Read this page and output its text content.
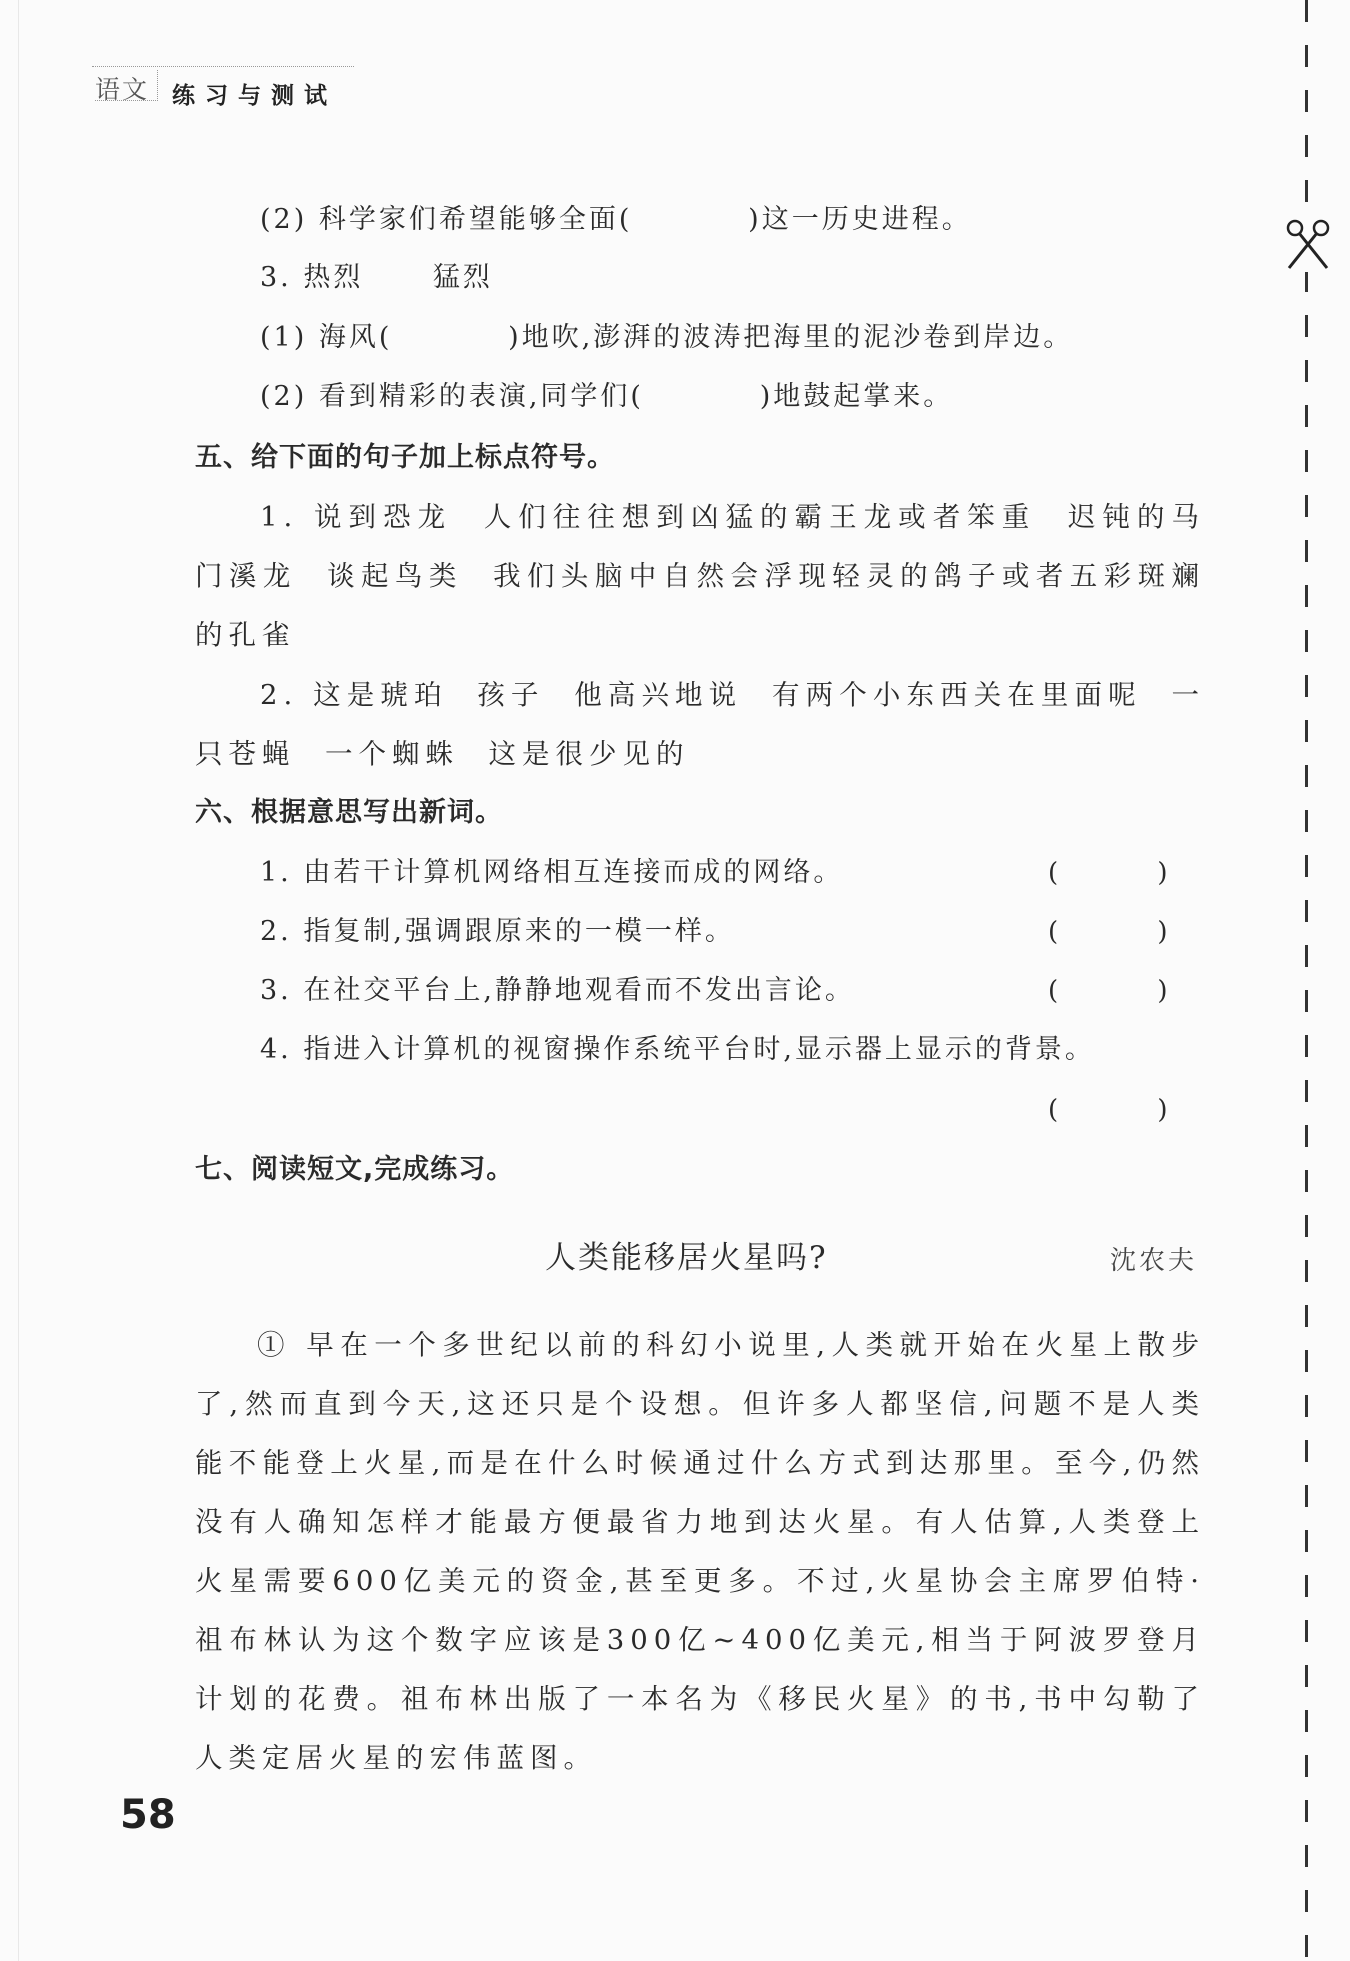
语文 练习与测试
(2) 科学家们希望能够全面(          )这一历史进程。
3. 热烈      猛烈
(1) 海风(          )地吹,澎湃的波涛把海里的泥沙卷到岸边。
(2) 看到精彩的表演,同学们(          )地鼓起掌来。
五、给下面的句子加上标点符号。
1. 说到恐龙  人们往往想到凶猛的霸王龙或者笨重  迟钝的马门溪龙  谈起鸟类  我们头脑中自然会浮现轻灵的鸽子或者五彩斑斓的孔雀
2. 这是琥珀  孩子  他高兴地说  有两个小东西关在里面呢  一只苍蝇  一个蜘蛛  这是很少见的
六、根据意思写出新词。
1. 由若干计算机网络相互连接而成的网络。	(            )
2. 指复制,强调跟原来的一模一样。	(            )
3. 在社交平台上,静静地观看而不发出言论。	(            )
4. 指进入计算机的视窗操作系统平台时,显示器上显示的背景。
(            )
七、阅读短文,完成练习。
人类能移居火星吗?	沈农夫
① 早在一个多世纪以前的科幻小说里,人类就开始在火星上散步了,然而直到今天,这还只是个设想。但许多人都坚信,问题不是人类能不能登上火星,而是在什么时候通过什么方式到达那里。至今,仍然没有人确知怎样才能最方便最省力地到达火星。有人估算,人类登上火星需要600亿美元的资金,甚至更多。不过,火星协会主席罗伯特·祖布林认为这个数字应该是300亿~400亿美元,相当于阿波罗登月计划的花费。祖布林出版了一本名为《移民火星》的书,书中勾勒了人类定居火星的宏伟蓝图。
58
